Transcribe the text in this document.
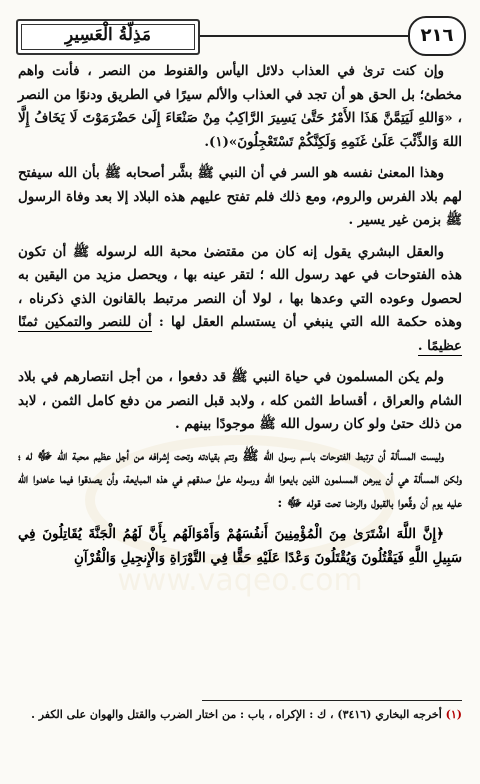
مَذِلّةُ الْعَسِيرِ	٢١٦
www.vaqeo.com

وإن كنت ترىٰ في العذاب دلائل اليأس والقنوط من النصر ، فأنت واهم مخطئ؛ بل الحق هو أن تجد في العذاب والألم سيرًا في الطريق ودنوًا من النصر ، «وَاللهِ لَيَتِمَّنَّ هَذَا الأَمْرُ حَتَّىٰ يَسِيرَ الرَّاكِبُ مِنْ صَنْعَاءَ إِلَىٰ حَضْرَمَوْتَ لَا يَخَافُ إِلَّا اللهَ وَالذِّئْبَ عَلَىٰ غَنَمِهِ وَلَكِنَّكُمْ تَسْتَعْجِلُونَ»(١).

وهذا المعنىٰ نفسه هو السر في أن النبي ﷺ بشَّر أصحابه ﷺ بأن الله سيفتح لهم بلاد الفرس والروم، ومع ذلك فلم تفتح عليهم هذه البلاد إلا بعد وفاة الرسول ﷺ بزمن غير يسير .

والعقل البشري يقول إنه كان من مقتضىٰ محبة الله لرسوله ﷺ أن تكون هذه الفتوحات في عهد رسول الله ؛ لتقر عينه بها ، ويحصل مزيد من اليقين به لحصول وعوده التي وعدها بها ، لولا أن النصر مرتبط بالقانون الذي ذكرناه ، وهذه حكمة الله التي ينبغي أن يستسلم العقل لها : أن للنصر والتمكين ثمنًا عظيمًا .

ولم يكن المسلمون في حياة النبي ﷺ قد دفعوا ، من أجل انتصارهم في بلاد الشام والعراق ، أقساط الثمن كله ، ولابد قبل النصر من دفع كامل الثمن ، لابد من ذلك حتىٰ ولو كان رسول الله ﷺ موجودًا بينهم .

وليست المسألة أن ترتبط الفتوحات باسم رسول الله ﷺ وتتم بقيادته وتحت إشرافه من أجل عظيم محبة الله ﷻ له ؛ ولكن المسألة هي أن يبرهن المسلمون الذين بايعوا الله ورسوله علىٰ صدقهم في هذه المبايعة، وأن يصدقوا فيما عاهدوا الله عليه يوم أن وقَّعوا بالقبول والرضا تحت قوله ﷻ :

﴿إِنَّ اللَّهَ اشْتَرَىٰ مِنَ الْمُؤْمِنِينَ أَنفُسَهُمْ وَأَمْوَالَهُم بِأَنَّ لَهُمُ الْجَنَّةَ يُقَاتِلُونَ فِي سَبِيلِ اللَّهِ فَيَقْتُلُونَ وَيُقْتَلُونَ وَعْدًا عَلَيْهِ حَقًّا فِي التَّوْرَاةِ وَالْإِنجِيلِ وَالْقُرْآنِ

(١) أخرجه البخاري (٣٤١٦) ، ك : الإكراه ، باب : من اختار الضرب والقتل والهوان على الكفر .
